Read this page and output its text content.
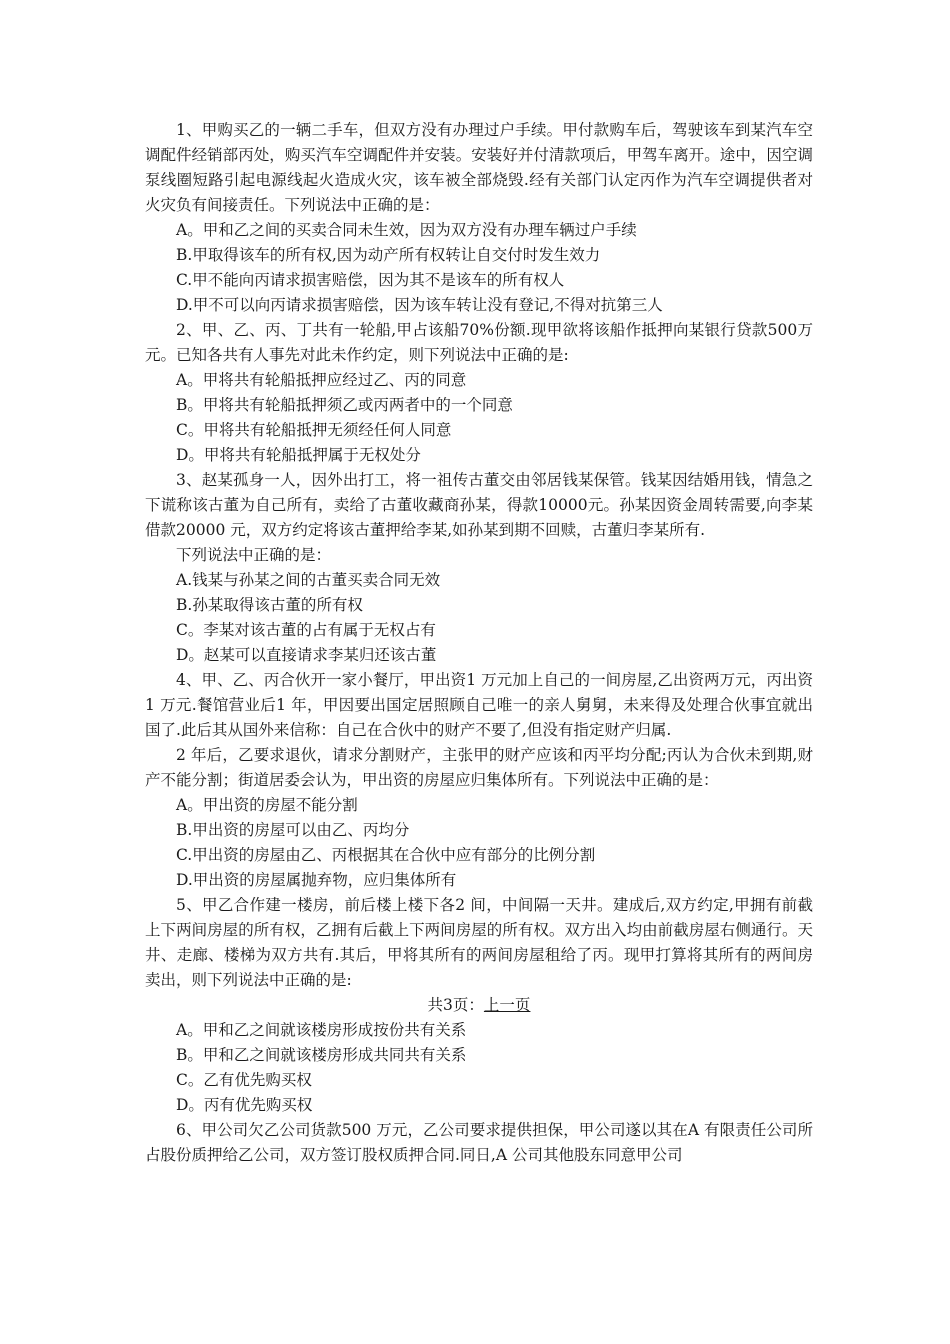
1、甲购买乙的一辆二手车，但双方没有办理过户手续。甲付款购车后，驾驶该车到某汽车空调配件经销部丙处，购买汽车空调配件并安装。安装好并付清款项后，甲驾车离开。途中，因空调泵线圈短路引起电源线起火造成火灾，该车被全部烧毁.经有关部门认定丙作为汽车空调提供者对火灾负有间接责任。下列说法中正确的是：

A。甲和乙之间的买卖合同未生效，因为双方没有办理车辆过户手续

B.甲取得该车的所有权,因为动产所有权转让自交付时发生效力

C.甲不能向丙请求损害赔偿，因为其不是该车的所有权人

D.甲不可以向丙请求损害赔偿，因为该车转让没有登记,不得对抗第三人

2、甲、乙、丙、丁共有一轮船,甲占该船70%份额.现甲欲将该船作抵押向某银行贷款500万元。已知各共有人事先对此未作约定，则下列说法中正确的是:

A。甲将共有轮船抵押应经过乙、丙的同意

B。甲将共有轮船抵押须乙或丙两者中的一个同意

C。甲将共有轮船抵押无须经任何人同意

D。甲将共有轮船抵押属于无权处分

3、赵某孤身一人，因外出打工，将一祖传古董交由邻居钱某保管。钱某因结婚用钱，情急之下谎称该古董为自己所有，卖给了古董收藏商孙某，得款10000元。孙某因资金周转需要,向李某借款20000 元，双方约定将该古董押给李某,如孙某到期不回赎，古董归李某所有.

下列说法中正确的是：

A.钱某与孙某之间的古董买卖合同无效

B.孙某取得该古董的所有权

C。李某对该古董的占有属于无权占有

D。赵某可以直接请求李某归还该古董

4、甲、乙、丙合伙开一家小餐厅，甲出资1 万元加上自己的一间房屋,乙出资两万元，丙出资1 万元.餐馆营业后1 年，甲因要出国定居照顾自己唯一的亲人舅舅，未来得及处理合伙事宜就出国了.此后其从国外来信称：自己在合伙中的财产不要了,但没有指定财产归属.

2 年后，乙要求退伙，请求分割财产，主张甲的财产应该和丙平均分配;丙认为合伙未到期,财产不能分割；街道居委会认为，甲出资的房屋应归集体所有。下列说法中正确的是：

A。甲出资的房屋不能分割

B.甲出资的房屋可以由乙、丙均分

C.甲出资的房屋由乙、丙根据其在合伙中应有部分的比例分割

D.甲出资的房屋属抛弃物，应归集体所有

5、甲乙合作建一楼房，前后楼上楼下各2 间，中间隔一天井。建成后,双方约定,甲拥有前截上下两间房屋的所有权，乙拥有后截上下两间房屋的所有权。双方出入均由前截房屋右侧通行。天井、走廊、楼梯为双方共有.其后，甲将其所有的两间房屋租给了丙。现甲打算将其所有的两间房卖出，则下列说法中正确的是:

共3页：上一页

A。甲和乙之间就该楼房形成按份共有关系

B。甲和乙之间就该楼房形成共同共有关系

C。乙有优先购买权

D。丙有优先购买权

6、甲公司欠乙公司货款500 万元，乙公司要求提供担保，甲公司遂以其在A 有限责任公司所占股份质押给乙公司，双方签订股权质押合同.同日,A 公司其他股东同意甲公司
